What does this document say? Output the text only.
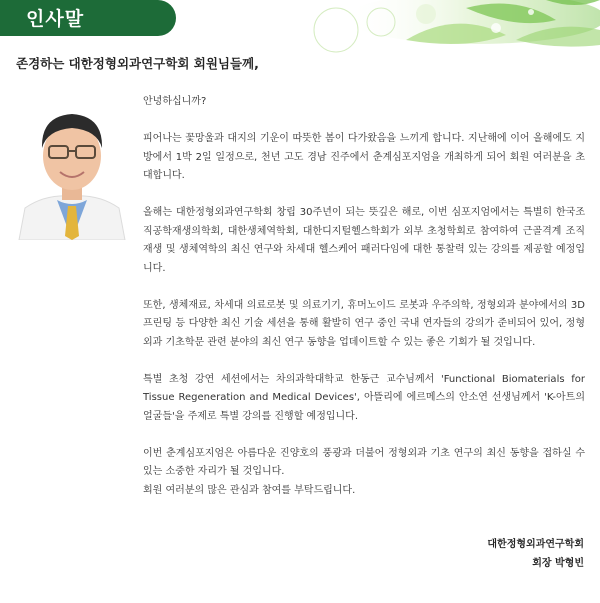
인사말
존경하는 대한정형외과연구학회 회원님들께,

안녕하십니까?

피어나는 꽃망울과 대지의 기운이 따뜻한 봄이 다가왔음을 느끼게 합니다. 지난해에 이어 올해에도 지방에서 1박 2일 일정으로, 천년 고도 경남 진주에서 춘계심포지엄을 개최하게 되어 회원 여러분을 초대합니다.

올해는 대한정형외과연구학회 창립 30주년이 되는 뜻깊은 해로, 이번 심포지엄에서는 특별히 한국조직공학재생의학회, 대한생체역학회, 대한디지털헬스학회가 외부 초청학회로 참여하여 근골격계 조직재생 및 생체역학의 최신 연구와 차세대 헬스케어 패러다임에 대한 통찰력 있는 강의를 제공할 예정입니다.

또한, 생체재료, 차세대 의료로봇 및 의료기기, 휴머노이드 로봇과 우주의학, 정형외과 분야에서의 3D 프린팅 등 다양한 최신 기술 세션을 통해 활발히 연구 중인 국내 연자들의 강의가 준비되어 있어, 정형외과 기초학문 관련 분야의 최신 연구 동향을 업데이트할 수 있는 좋은 기회가 될 것입니다.

특별 초청 강연 세션에서는 차의과학대학교 한동근 교수님께서 'Functional Biomaterials for Tissue Regeneration and Medical Devices', 아뜰리에 에르메스의 안소연 선생님께서 'K-아트의 얼굴들'을 주제로 특별 강의를 진행할 예정입니다.

이번 춘계심포지엄은 아름다운 진양호의 풍광과 더불어 정형외과 기초 연구의 최신 동향을 접하실 수 있는 소중한 자리가 될 것입니다.

회원 여러분의 많은 관심과 참여를 부탁드립니다.

대한정형외과연구학회
회장 박형빈
